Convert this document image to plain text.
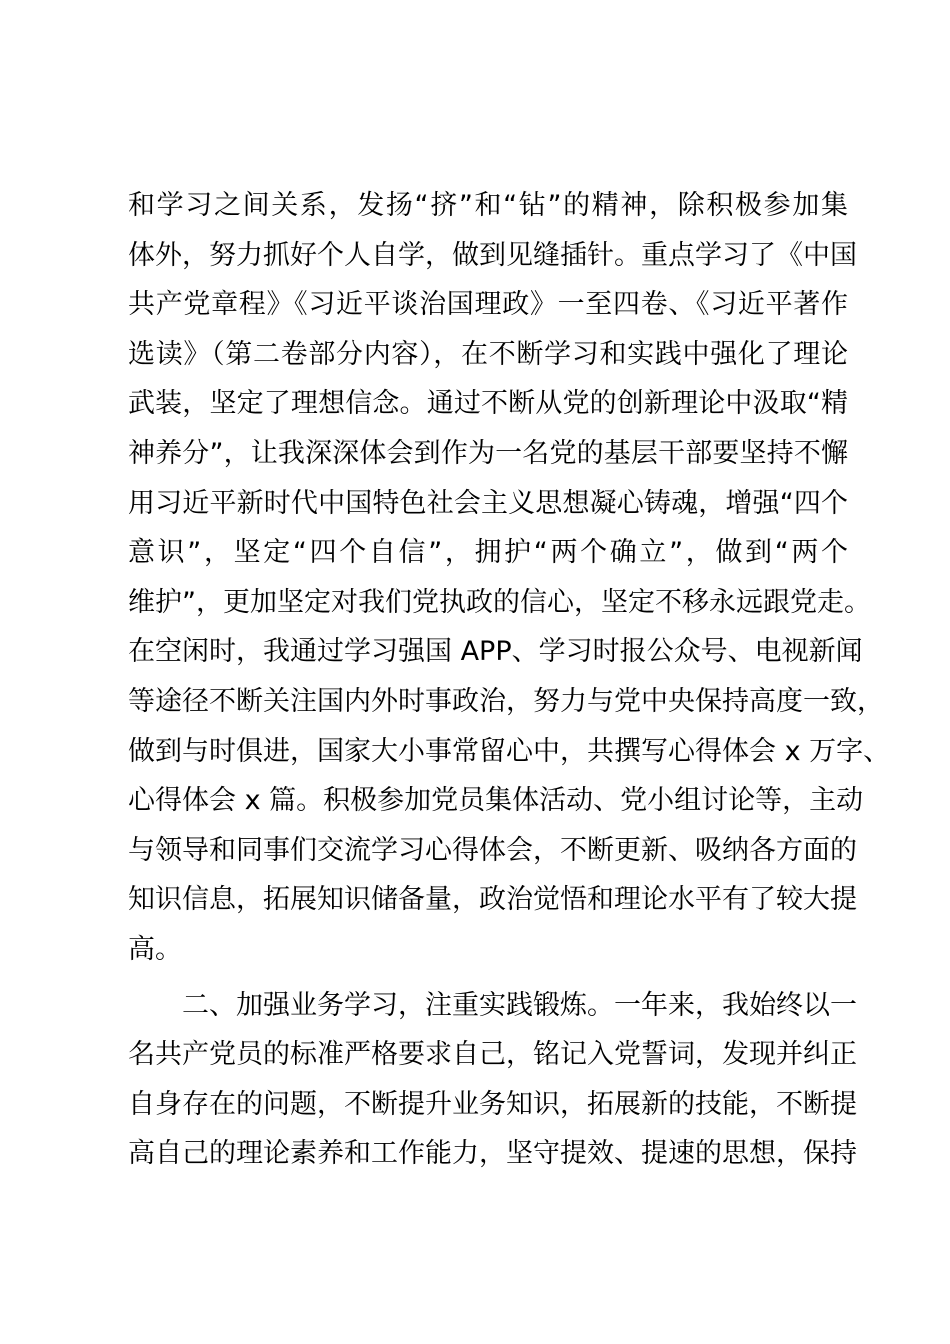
和学习之间关系，发扬“挤”和“钻”的精神，除积极参加集
体外，努力抓好个人自学，做到见缝插针。重点学习了《中国
共产党章程》《习近平谈治国理政》一至四卷、《习近平著作
选读》（第二卷部分内容），在不断学习和实践中强化了理论
武装，坚定了理想信念。通过不断从党的创新理论中汲取“精
神养分”，让我深深体会到作为一名党的基层干部要坚持不懈
用习近平新时代中国特色社会主义思想凝心铸魂，增强“四个
意识”，坚定“四个自信”，拥护“两个确立”，做到“两个
维护”，更加坚定对我们党执政的信心，坚定不移永远跟党走。
在空闲时，我通过学习强国 APP、学习时报公众号、电视新闻
等途径不断关注国内外时事政治，努力与党中央保持高度一致，
做到与时俱进，国家大小事常留心中，共撰写心得体会 x 万字、
心得体会 x 篇。积极参加党员集体活动、党小组讨论等，主动
与领导和同事们交流学习心得体会，不断更新、吸纳各方面的
知识信息，拓展知识储备量，政治觉悟和理论水平有了较大提
高。
　　二、加强业务学习，注重实践锻炼。一年来，我始终以一
名共产党员的标准严格要求自己，铭记入党誓词，发现并纠正
自身存在的问题，不断提升业务知识，拓展新的技能，不断提
高自己的理论素养和工作能力，坚守提效、提速的思想，保持
